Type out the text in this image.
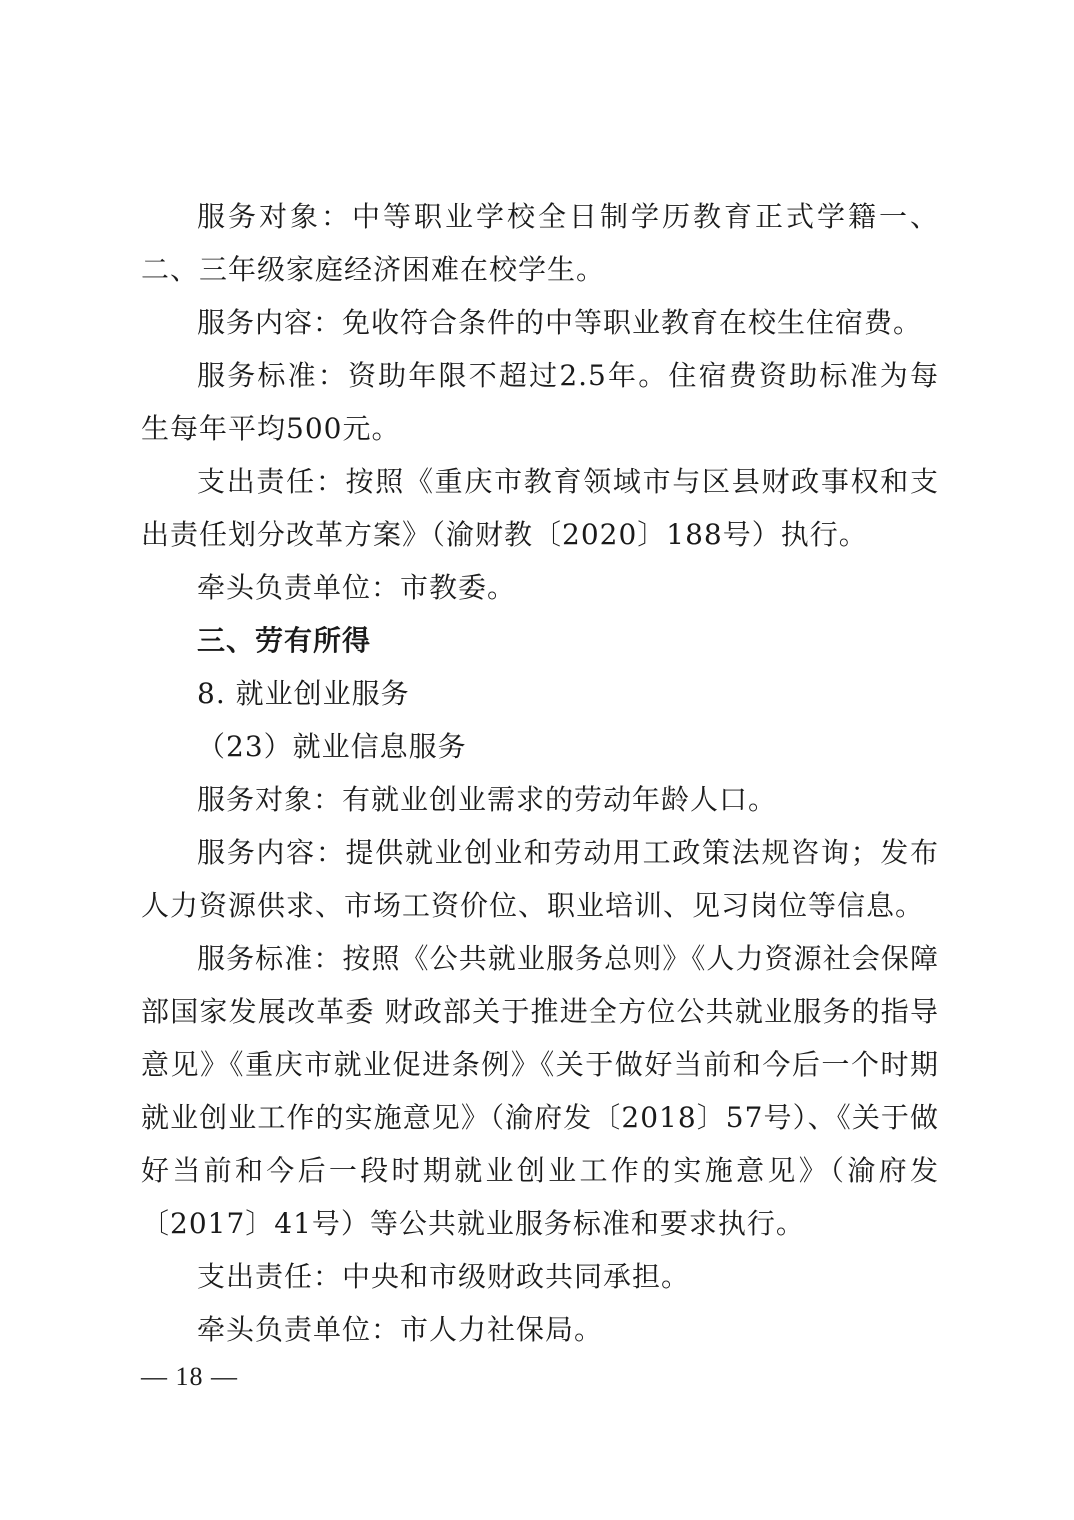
服务对象：中等职业学校全日制学历教育正式学籍一、二、三年级家庭经济困难在校学生。

服务内容：免收符合条件的中等职业教育在校生住宿费。

服务标准：资助年限不超过2.5年。住宿费资助标准为每生每年平均500元。

支出责任：按照《重庆市教育领域市与区县财政事权和支出责任划分改革方案》（渝财教〔2020〕188号）执行。

牵头负责单位：市教委。

三、劳有所得

8. 就业创业服务

（23）就业信息服务

服务对象：有就业创业需求的劳动年龄人口。

服务内容：提供就业创业和劳动用工政策法规咨询；发布人力资源供求、市场工资价位、职业培训、见习岗位等信息。

服务标准：按照《公共就业服务总则》《人力资源社会保障部国家发展改革委 财政部关于推进全方位公共就业服务的指导意见》《重庆市就业促进条例》《关于做好当前和今后一个时期就业创业工作的实施意见》（渝府发〔2018〕57号）、《关于做好当前和今后一段时期就业创业工作的实施意见》（渝府发〔2017〕41号）等公共就业服务标准和要求执行。

支出责任：中央和市级财政共同承担。

牵头负责单位：市人力社保局。

— 18 —
